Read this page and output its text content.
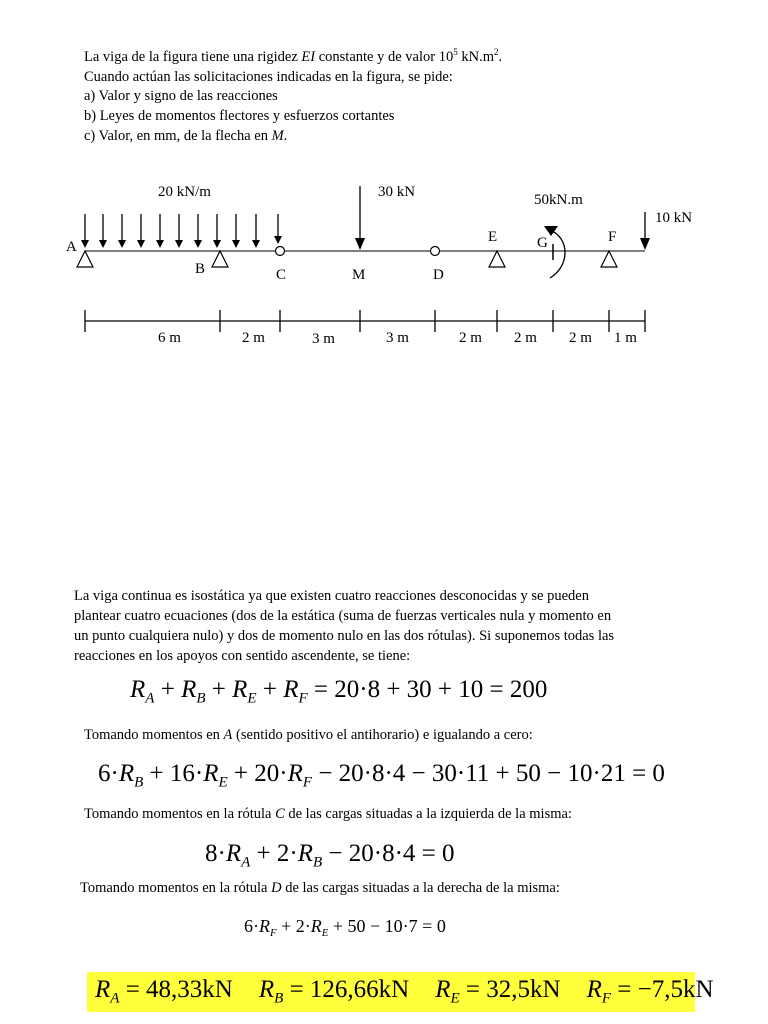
La viga de la figura tiene una rigidez EI constante y de valor $10^5$ $kN.m^2$.
Cuando actúan las solicitaciones indicadas en la figura, se pide:
a) Valor y signo de las reacciones
b) Leyes de momentos flectores y esfuerzos cortantes
c) Valor, en mm, de la flecha en M.
20 kN/m	30 kN
10 kN
50kN.m
A
B	C	M	D
E	G	F
6 m	2 m	3 m	3 m	2 m 2 m 2 m 1 m
La viga continua es isostática ya que existen cuatro reacciones desconocidas y se pueden
plantear cuatro ecuaciones (dos de la estática (suma de fuerzas verticales nula y momento en
un punto cualquiera nulo) y dos de momento nulo en las dos rótulas). Si suponemos todas las
reacciones en los apoyos con sentido ascendente, se tiene:
$R_A + R_B + R_E + R_F = 20\cdot 8 + 30 + 10 = 200$
Tomando momentos en A (sentido positivo el antihorario) e igualando a cero:
$6\cdot R_B + 16\cdot R_E + 20\cdot R_F - 20\cdot 8\cdot 4 - 30\cdot 11 + 50 - 10\cdot 21 = 0$
Tomando momentos en la rótula C de las cargas situadas a la izquierda de la misma:
$8\cdot R_A + 2\cdot R_B - 20\cdot 8\cdot 4 = 0$
Tomando momentos en la rótula D de las cargas situadas a la derecha de la misma:
$6\cdot R_F + 2\cdot R_E + 50 - 10\cdot 7 = 0$
$R_A = 48,33kN$ $R_B = 126,66kN$ $R_E = 32,5kN$ $R_F = -7,5kN$
